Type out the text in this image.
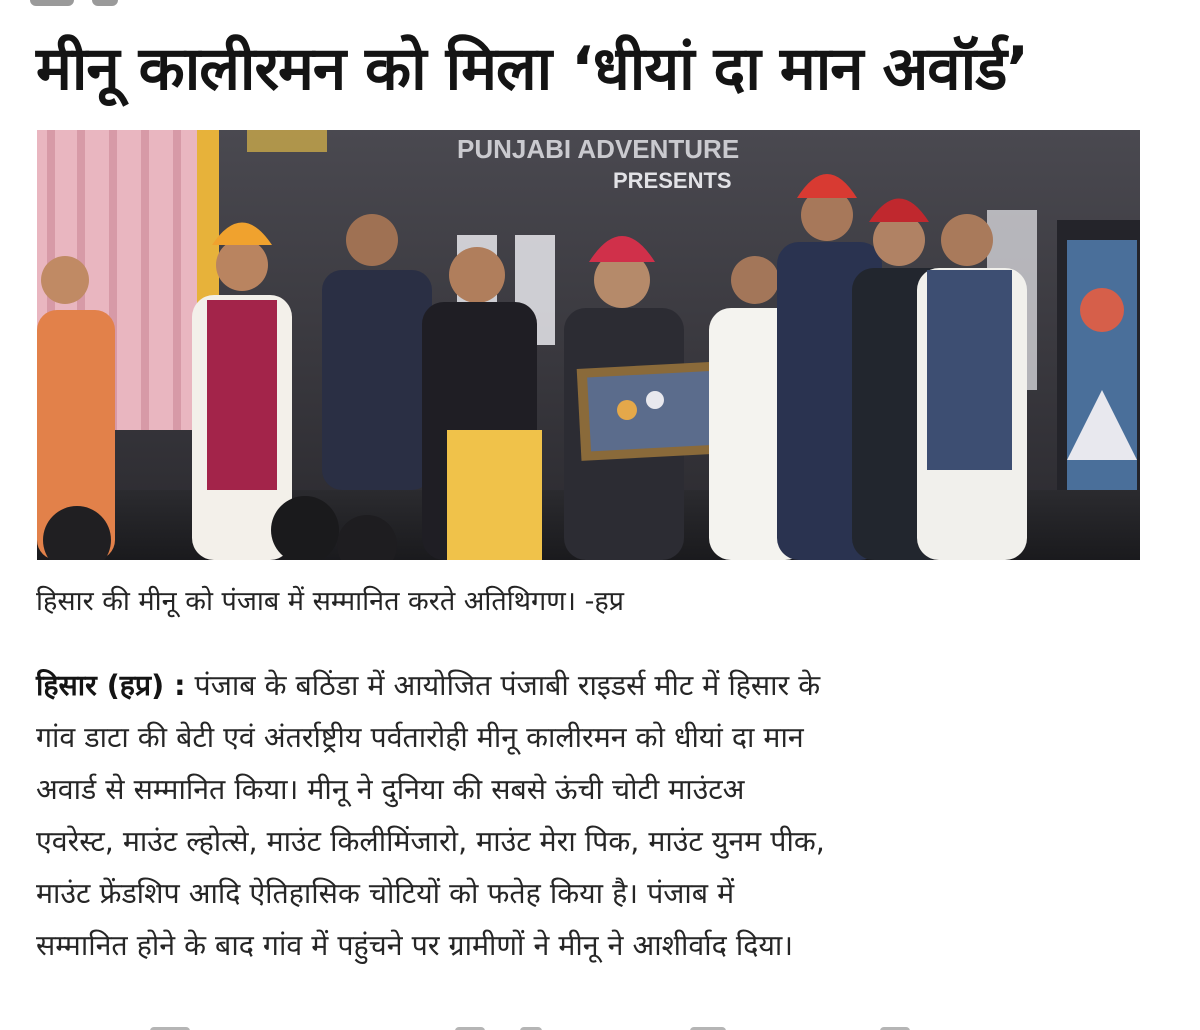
मीनू कालीरमन को मिला ‘धीयां दा मान अवॉर्ड’
PUNJABI ADVENTURE
PRESENTS

हिसार की मीनू को पंजाब में सम्मानित करते अतिथिगण। -हप्र

हिसार (हप्र) : पंजाब के बठिंडा में आयोजित पंजाबी राइडर्स मीट में हिसार के
गांव डाटा की बेटी एवं अंतर्राष्ट्रीय पर्वतारोही मीनू कालीरमन को धीयां दा मान
अवार्ड से सम्मानित किया। मीनू ने दुनिया की सबसे ऊंची चोटी माउंटअ
एवरेस्ट, माउंट ल्होत्से, माउंट किलीमिंजारो, माउंट मेरा पिक, माउंट युनम पीक,
माउंट फ्रेंडशिप आदि ऐतिहासिक चोटियों को फतेह किया है। पंजाब में
सम्मानित होने के बाद गांव में पहुंचने पर ग्रामीणों ने मीनू ने आशीर्वाद दिया।
